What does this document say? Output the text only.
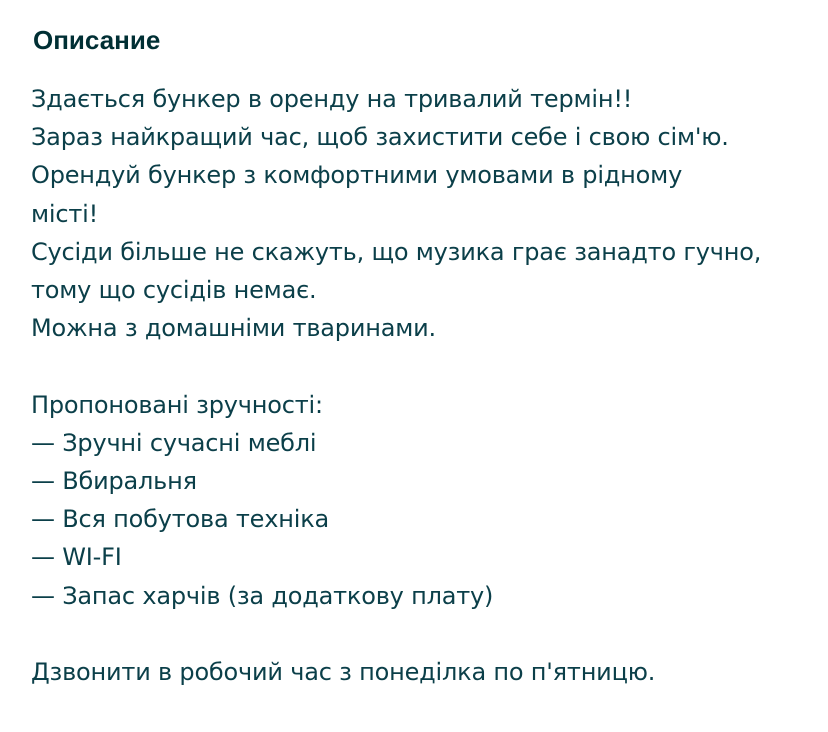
Описание
Здається бункер в оренду на тривалий термін!!
Зараз найкращий час, щоб захистити себе і свою сім'ю.
Орендуй бункер з комфортними умовами в рідному
місті!
Сусіди більше не скажуть, що музика грає занадто гучно,
тому що сусідів немає.
Можна з домашніми тваринами.
Пропоновані зручності:
— Зручні сучасні меблі
— Вбиральня
— Вся побутова техніка
— WI-FI
— Запас харчів (за додаткову плату)
Дзвонити в робочий час з понеділка по п'ятницю.
